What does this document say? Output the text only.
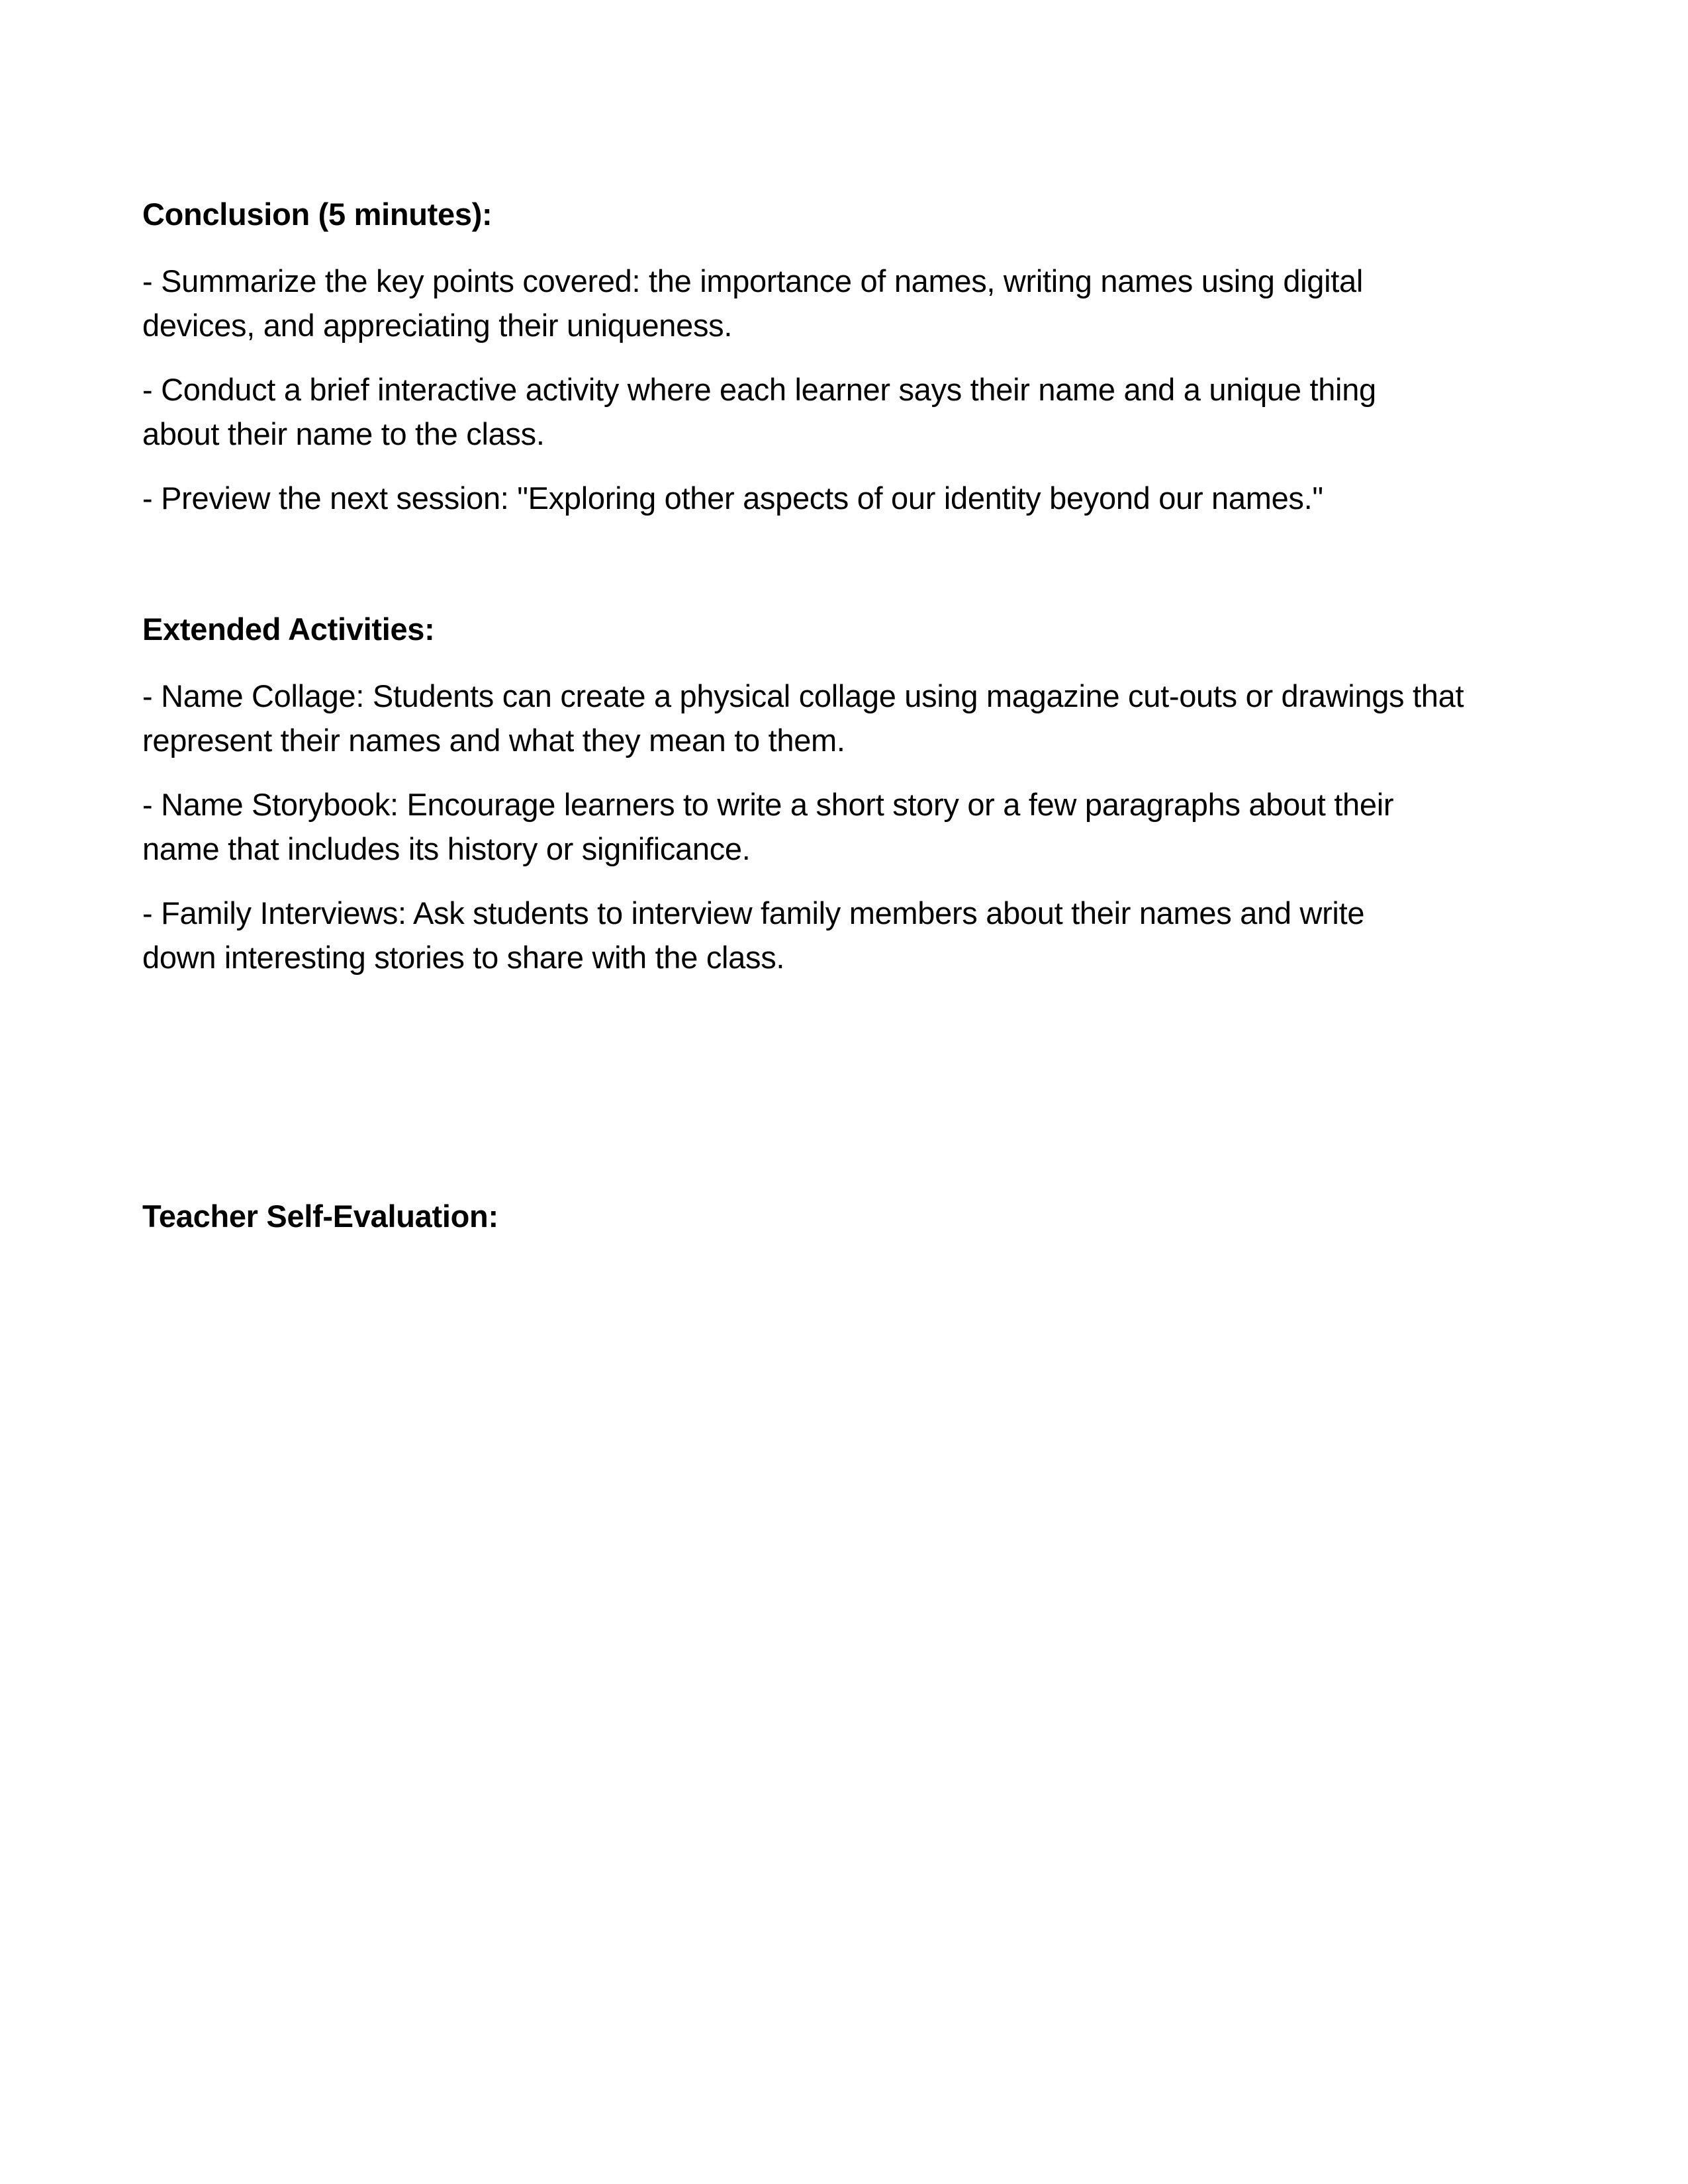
Conclusion (5 minutes):
- Summarize the key points covered: the importance of names, writing names using digital
devices, and appreciating their uniqueness.
- Conduct a brief interactive activity where each learner says their name and a unique thing
about their name to the class.
- Preview the next session: "Exploring other aspects of our identity beyond our names."
Extended Activities:
- Name Collage: Students can create a physical collage using magazine cut-outs or drawings that
represent their names and what they mean to them.
- Name Storybook: Encourage learners to write a short story or a few paragraphs about their
name that includes its history or significance.
- Family Interviews: Ask students to interview family members about their names and write
down interesting stories to share with the class.
Teacher Self-Evaluation:
